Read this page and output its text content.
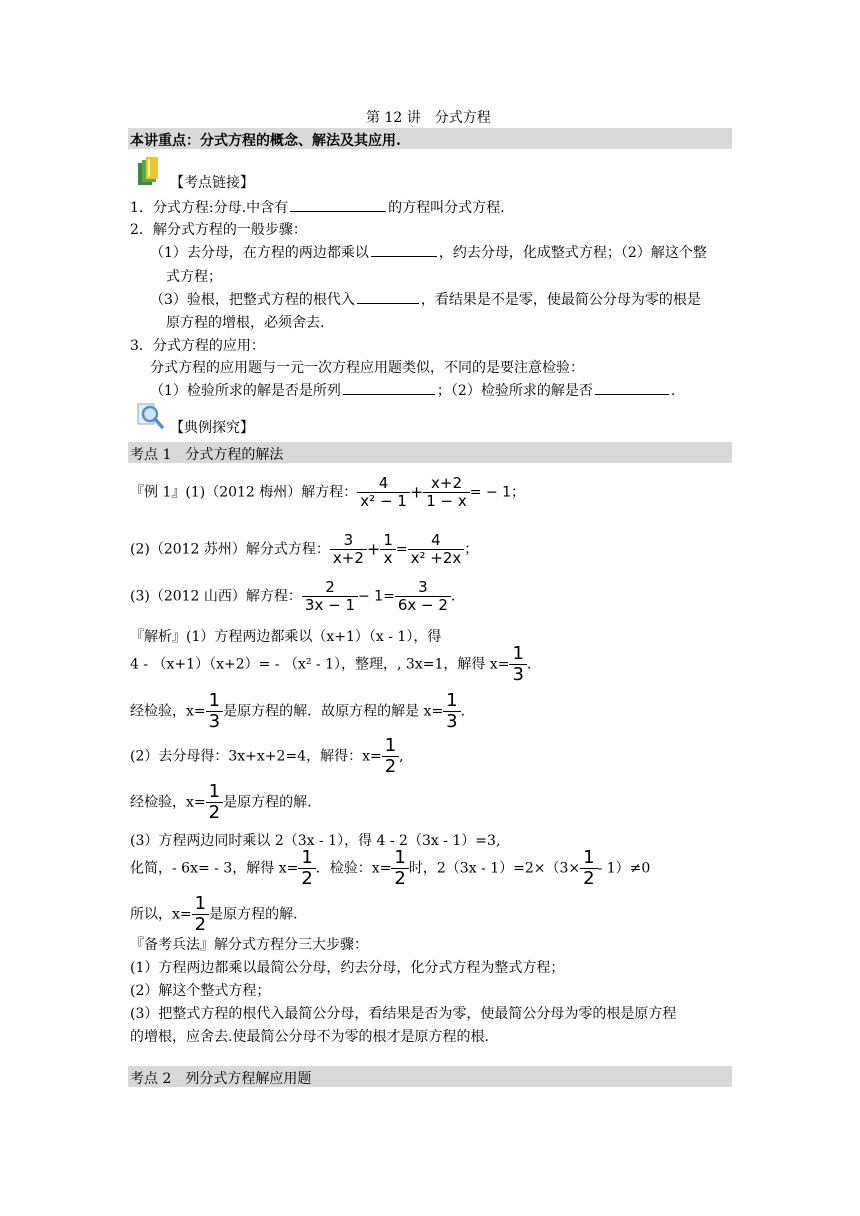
第 12 讲　分式方程
本讲重点：分式方程的概念、解法及其应用.
【考点链接】
1．分式方程:分母.中含有	的方程叫分式方程.
2．解分式方程的一般步骤：
（1）去分母，在方程的两边都乘以	，约去分母，化成整式方程；（2）解这个整
式方程；
（3）验根，把整式方程的根代入	，看结果是不是零，使最简公分母为零的根是
原方程的增根，必须舍去.
3．分式方程的应用：
分式方程的应用题与一元一次方程应用题类似，不同的是要注意检验：
（1）检验所求的解是否是所列	；（2）检验所求的解是否	.
【典例探究】
考点 1　分式方程的解法
『例 1』(1)（2012 梅州）解方程： $\frac{4}{\text{x² − 1}} + \frac{x+2}{1 - x}$ = − 1；
(2)（2012 苏州）解分式方程： $\frac{3}{x+2} + \frac{1}{x} = \frac{4}{\text{x² +2x}}$ ；
(3)（2012 山西）解方程： $\frac{2}{3x - 1} - 1= \frac{3}{6x - 2}$ .
『解析』(1）方程两边都乘以（x+1）（x - 1），得
4 - （x+1）（x+2）= - （x² - 1），整理，, 3x=1，解得 $x= \frac{1}{3}$ .
经检验，$x= \frac{1}{3}$ 是原方程的解．故原方程的解是 $x= \frac{1}{3}$ .
(2）去分母得：3x+x+2=4，解得：$x= \frac{1}{2}$ ,
经检验，$x= \frac{1}{2}$ 是原方程的解.
(3）方程两边同时乘以 2（3x - 1），得 4 - 2（3x - 1）=3,
化简，- 6x= - 3，解得 $x= \frac{1}{2}$ ．检验：$x= \frac{1}{2}$ 时，$2(3x - 1)=2\times(3\times \frac{1}{2} - 1)\ne 0$
所以，$x= \frac{1}{2}$ 是原方程的解.
『备考兵法』解分式方程分三大步骤：
(1）方程两边都乘以最简公分母，约去分母，化分式方程为整式方程；
(2）解这个整式方程；
(3）把整式方程的根代入最简公分母，看结果是否为零，使最简公分母为零的根是原方程
的增根，应舍去.使最简公分母不为零的根才是原方程的根.
考点 2　列分式方程解应用题
